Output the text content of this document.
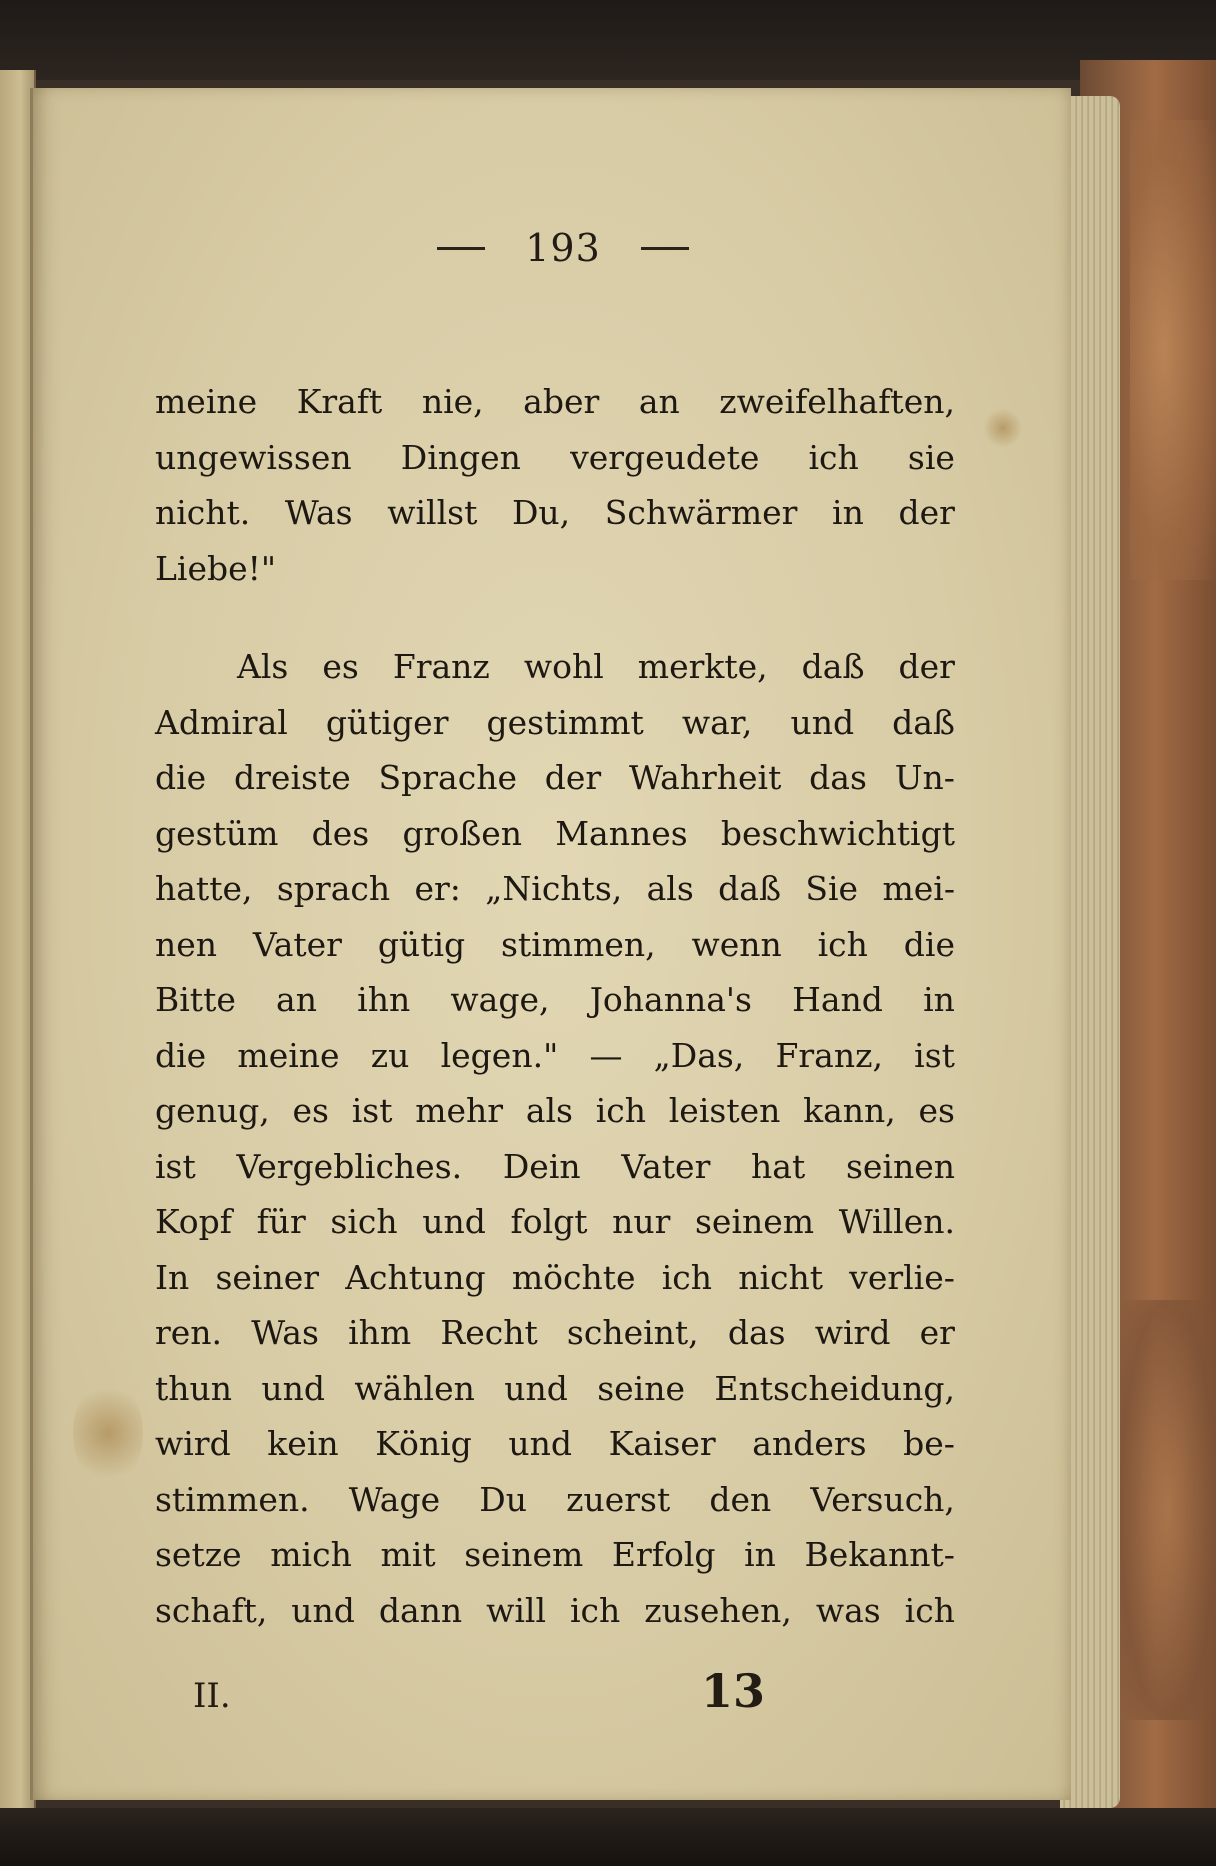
193
meine Kraft nie, aber an zweifelhaften,
ungewissen Dingen vergeudete ich sie
nicht. Was willst Du, Schwärmer in der
Liebe!"
Als es Franz wohl merkte, daß der
Admiral gütiger gestimmt war, und daß
die dreiste Sprache der Wahrheit das Un-
gestüm des großen Mannes beschwichtigt
hatte, sprach er: „Nichts, als daß Sie mei-
nen Vater gütig stimmen, wenn ich die
Bitte an ihn wage, Johanna's Hand in
die meine zu legen." — „Das, Franz, ist
genug, es ist mehr als ich leisten kann, es
ist Vergebliches. Dein Vater hat seinen
Kopf für sich und folgt nur seinem Willen.
In seiner Achtung möchte ich nicht verlie-
ren. Was ihm Recht scheint, das wird er
thun und wählen und seine Entscheidung,
wird kein König und Kaiser anders be-
stimmen. Wage Du zuerst den Versuch,
setze mich mit seinem Erfolg in Bekannt-
schaft, und dann will ich zusehen, was ich
II.	13
